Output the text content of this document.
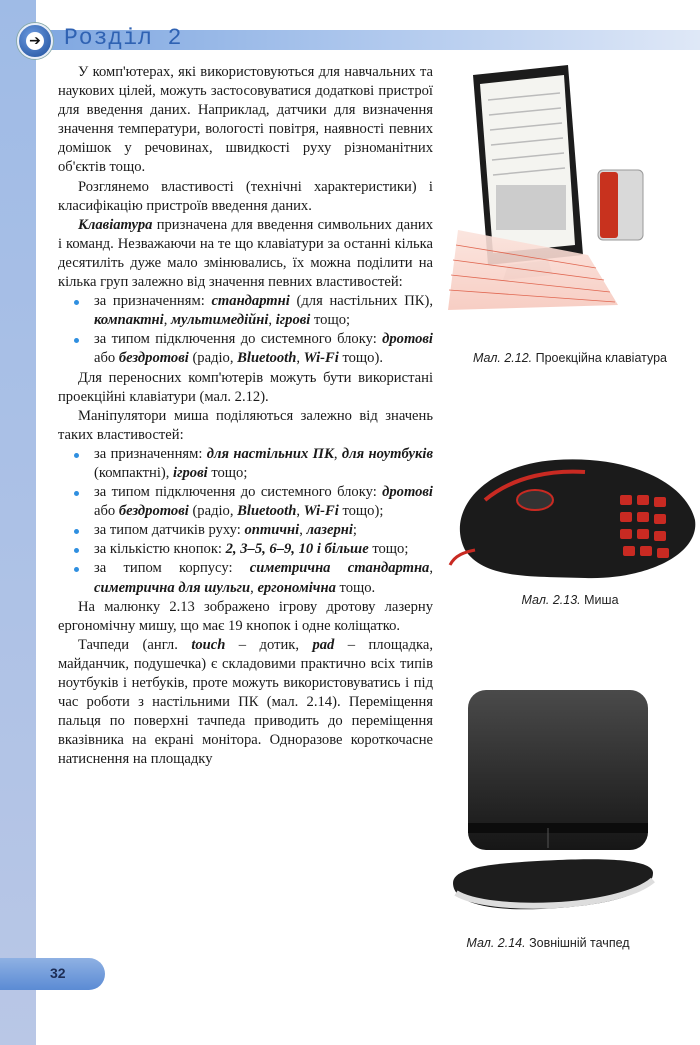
➔ Розділ 2

У комп'ютерах, які використовуються для навчальних та наукових цілей, можуть застосовуватися додаткові пристрої для введення даних. Наприклад, датчики для визначення значення температури, вологості повітря, наявності певних домішок у речовинах, швидкості руху різноманітних об'єктів тощо.

Розглянемо властивості (технічні характеристики) і класифікацію пристроїв введення даних.

Клавіатура призначена для введення символьних даних і команд. Незважаючи на те що клавіатури за останні кілька десятиліть дуже мало змінювались, їх можна поділити на кілька груп залежно від значення певних властивостей:

за призначенням: стандартні (для настільних ПК), компактні, мультимедійні, ігрові тощо;
за типом підключення до системного блоку: дротові або бездротові (радіо, Bluetooth, Wi-Fi тощо).

Для переносних комп'ютерів можуть бути використані проекційні клавіатури (мал. 2.12).

Маніпулятори миша поділяються залежно від значень таких властивостей:

за призначенням: для настільних ПК, для ноутбуків (компактні), ігрові тощо;
за типом підключення до системного блоку: дротові або бездротові (радіо, Bluetooth, Wi-Fi тощо);
за типом датчиків руху: оптичні, лазерні;
за кількістю кнопок: 2, 3–5, 6–9, 10 і більше тощо;
за типом корпусу: симетрична стандартна, симетрична для шульги, ергономічна тощо.

На малюнку 2.13 зображено ігрову дротову лазерну ергономічну мишу, що має 19 кнопок і одне коліщатко.

Тачпеди (англ. touch – дотик, pad – площадка, майданчик, подушечка) є складовими практично всіх типів ноутбуків і нетбуків, проте можуть використовуватись і під час роботи з настільними ПК (мал. 2.14). Переміщення пальця по поверхні тачпеда приводить до переміщення вказівника на екрані монітора. Одноразове короткочасне натиснення на площадку

Мал. 2.12. Проекційна клавіатура
Мал. 2.13. Миша
Мал. 2.14. Зовнішній тачпед
32
